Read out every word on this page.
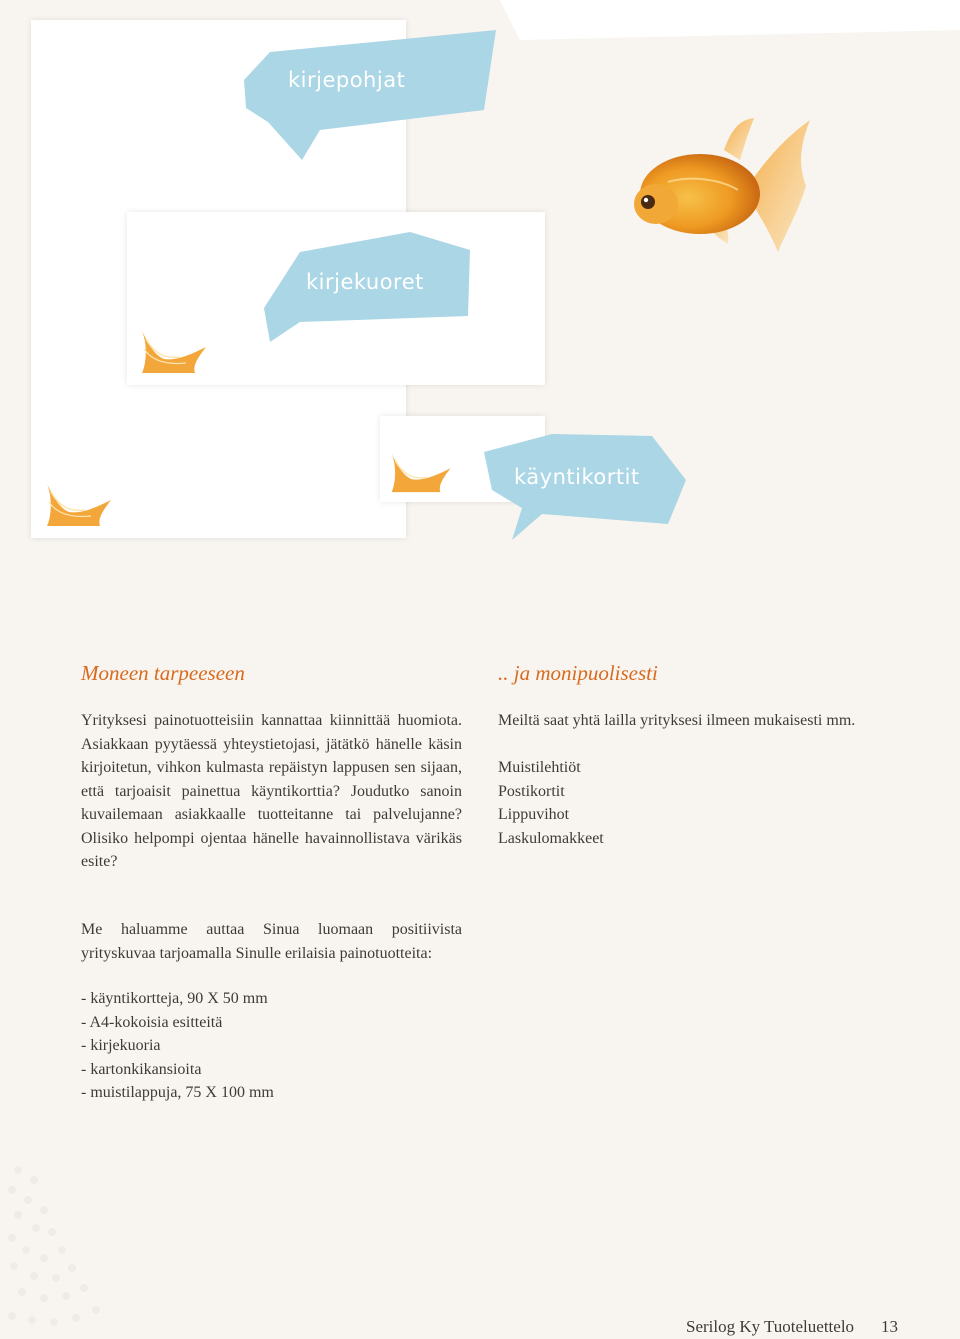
kirjepohjat
kirjekuoret
käyntikortit
Moneen tarpeeseen

Yrityksesi painotuotteisiin kannattaa kiinnittää huomiota. Asiakkaan pyytäessä yhteystietojasi, jätätkö hänelle käsin kirjoitetun, vihkon kulmasta repäistyn lappusen sen sijaan, että tarjoaisit painettua käyntikorttia? Joudutko sanoin kuvailemaan asiakkaalle tuotteitanne tai palvelujanne? Olisiko helpompi ojentaa hänelle havainnollistava värikäs esite?

.. ja monipuolisesti

Meiltä saat yhtä lailla yrityksesi ilmeen mukaisesti mm.

Muistilehtiöt
Postikortit
Lippuvihot
Laskulomakkeet

Me haluamme auttaa Sinua luomaan positiivista yrityskuvaa tarjoamalla Sinulle erilaisia painotuotteita:

- käyntikortteja, 90 X 50 mm
- A4-kokoisia esitteitä
- kirjekuoria
- kartonkikansioita
- muistilappuja, 75 X 100 mm
Serilog Ky Tuoteluettelo 13
